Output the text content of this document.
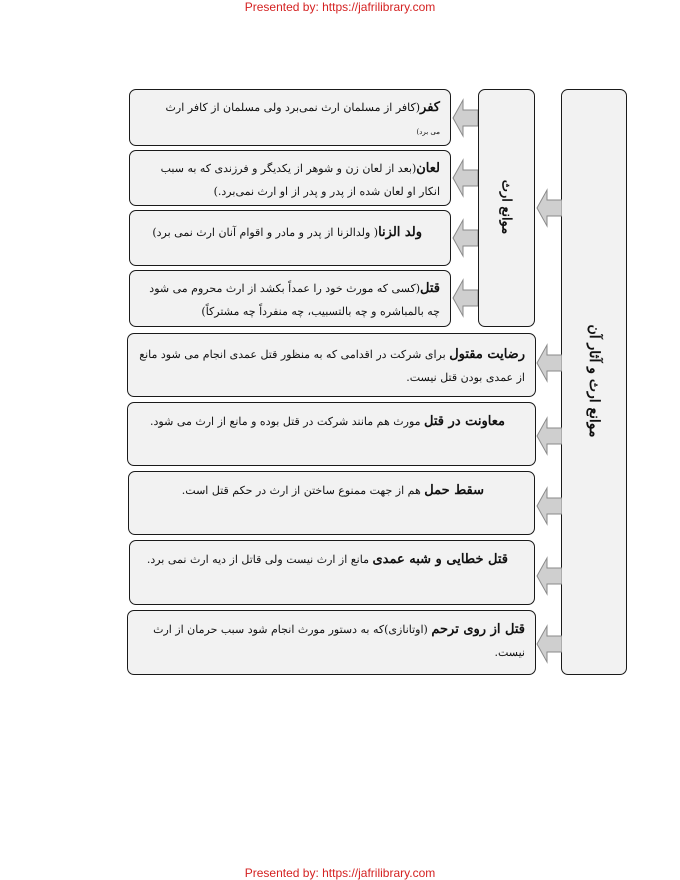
Presented by: https://jafrilibrary.com
موانع ارث و آثار آن
موانع ارث
کفر(کافر از مسلمان ارث نمی‌برد ولی مسلمان از کافر ارث
می برد)
لعان(بعد از لعان زن و شوهر از یکدیگر و فرزندی که به سبب
انکار او لعان شده از پدر و پدر از او ارث نمی‌برد.)
ولد الزنا( ولدالزنا از پدر و مادر و اقوام آنان ارث نمی برد)
قتل(کسی که مورث خود را عمداً بکشد از ارث محروم می شود
چه بالمباشره و چه بالتسبیب، چه منفرداً چه مشترکاً)
رضایت مقتول برای شرکت در اقدامی که به منظور قتل عمدی انجام می شود مانع
از عمدی بودن قتل نیست.
معاونت در قتل مورث هم مانند شرکت در قتل بوده و مانع از ارث می شود.
سقط حمل هم از جهت ممنوع ساختن از ارث در حکم قتل است.
قتل خطایی و شبه عمدی مانع از ارث نیست ولی قاتل از دیه ارث نمی برد.
قتل از روی ترحم (اوتانازی)که به دستور مورث انجام شود سبب حرمان از ارث
نیست.
Presented by: https://jafrilibrary.com
